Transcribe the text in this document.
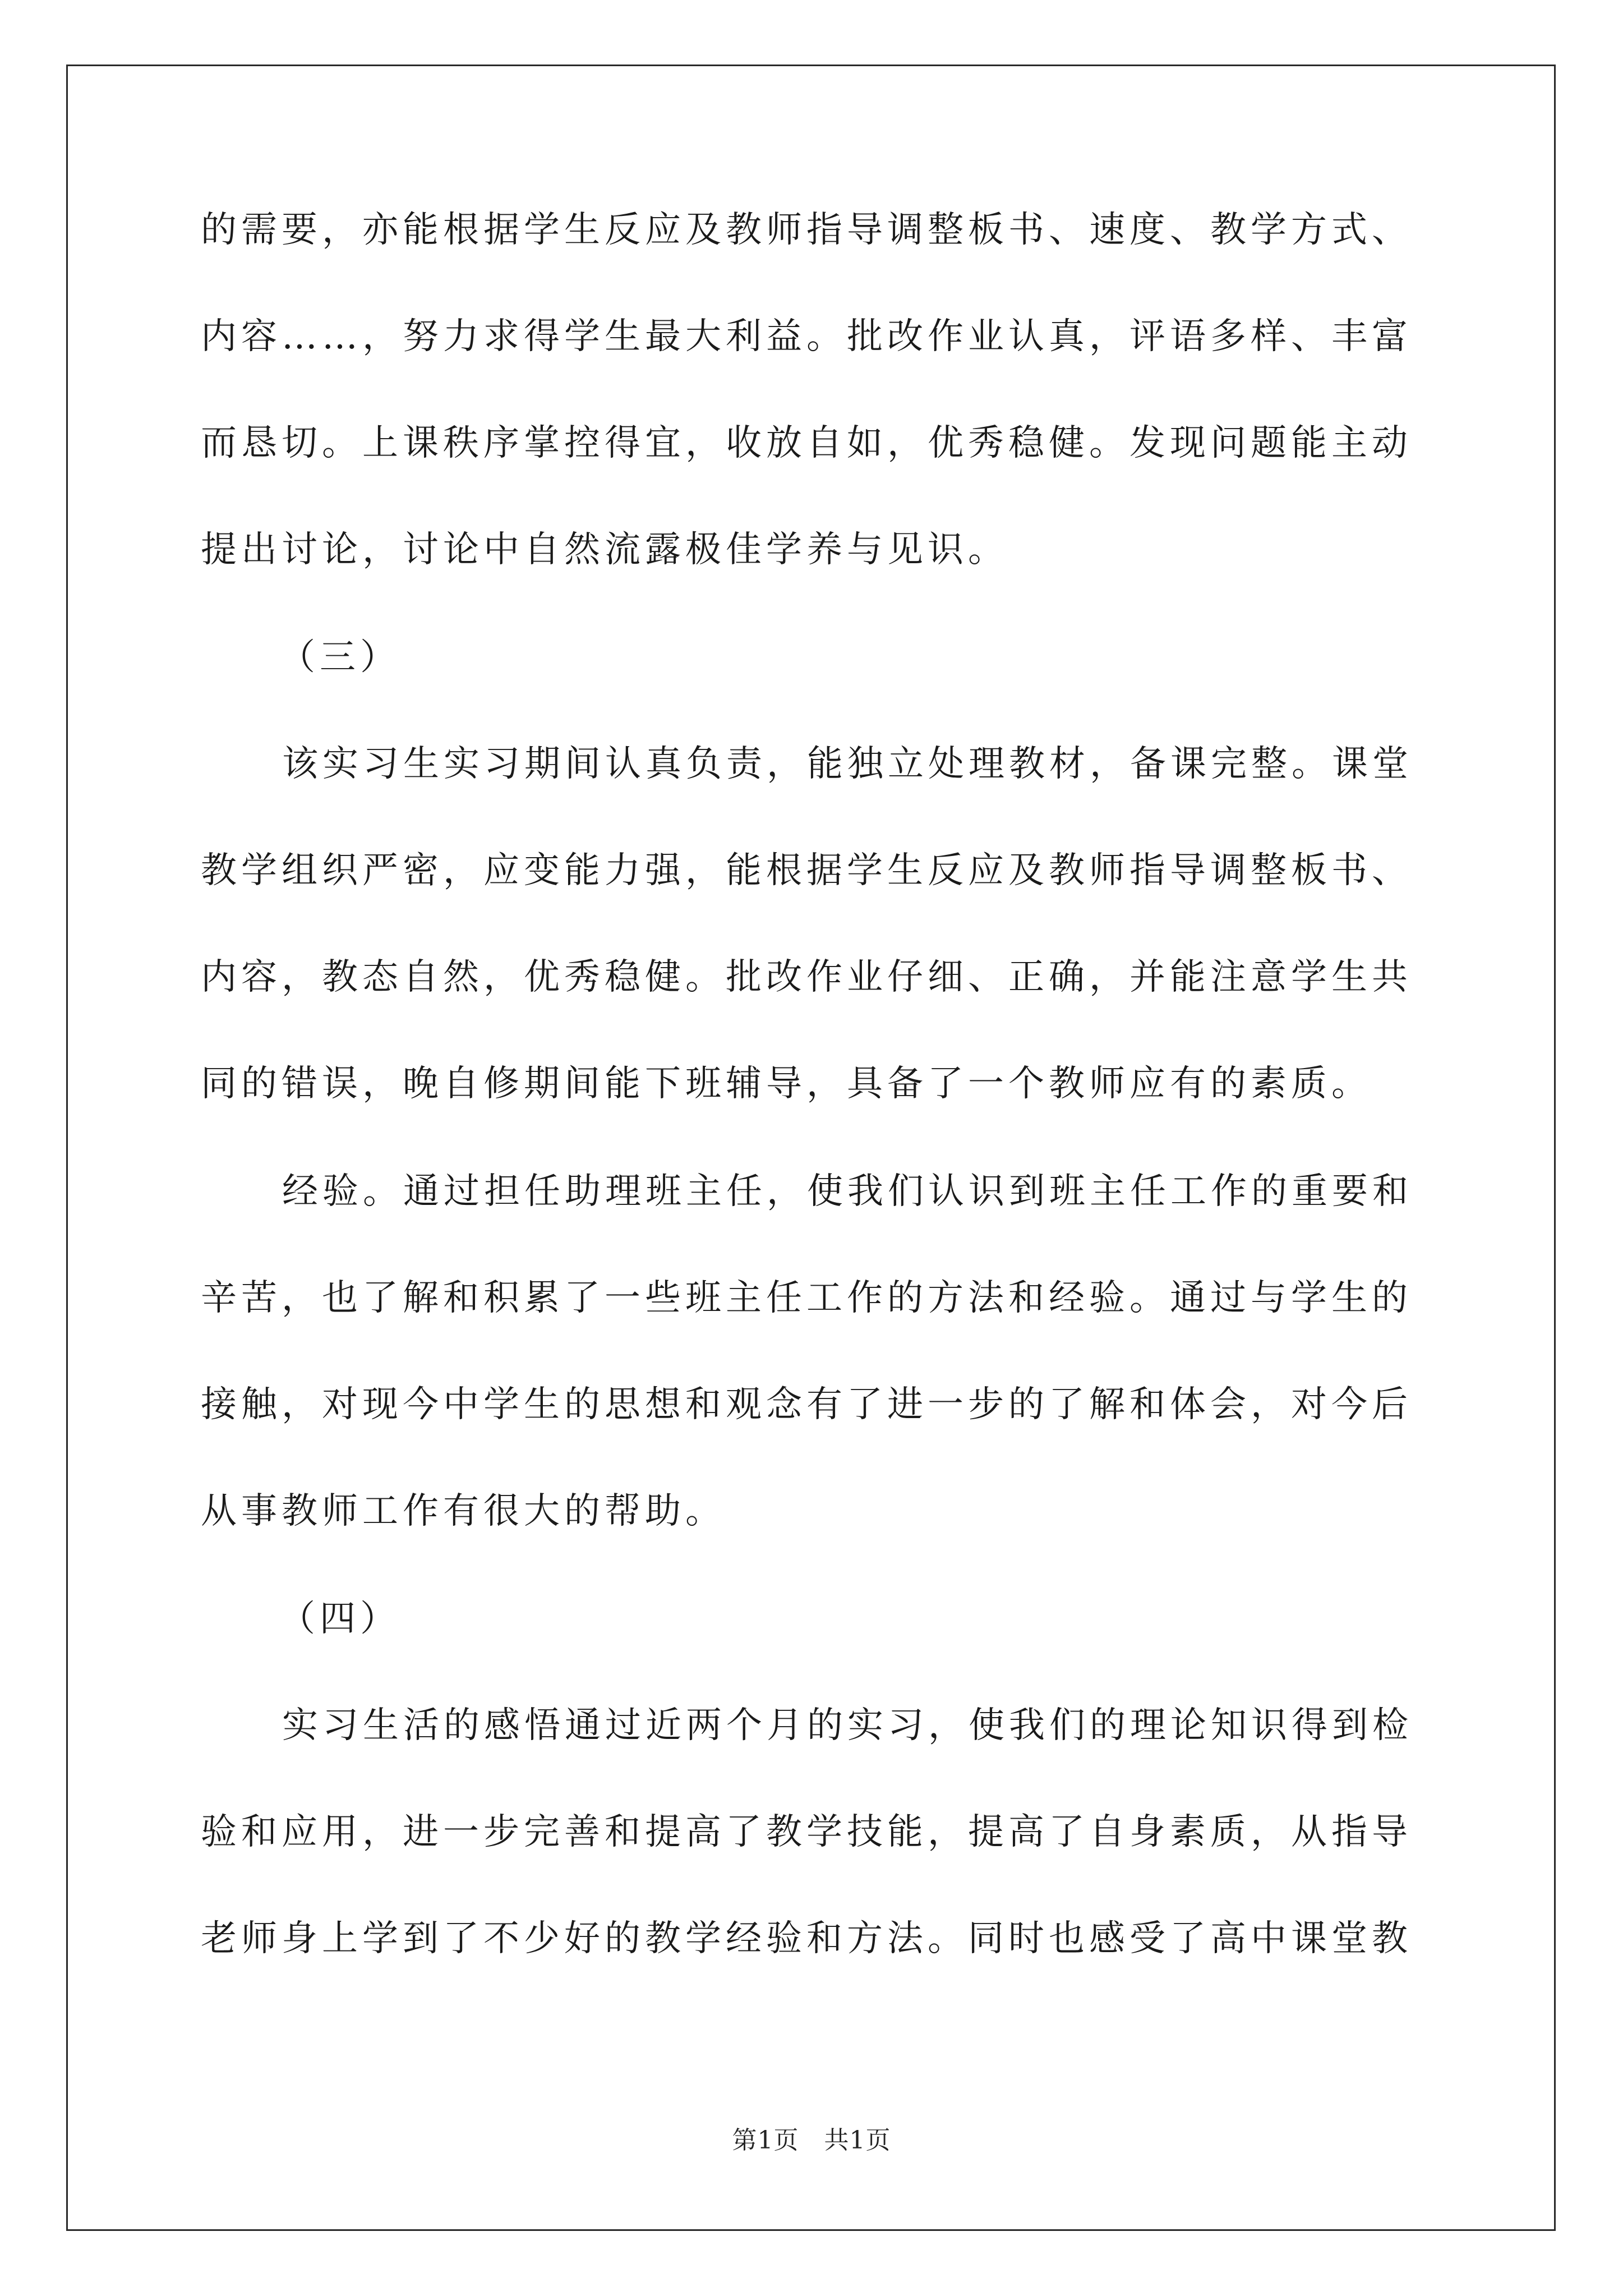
的需要，亦能根据学生反应及教师指导调整板书、速度、教学方式、
内容……，努力求得学生最大利益。批改作业认真，评语多样、丰富
而恳切。上课秩序掌控得宜，收放自如，优秀稳健。发现问题能主动
提出讨论，讨论中自然流露极佳学养与见识。
（三）
该实习生实习期间认真负责，能独立处理教材，备课完整。课堂
教学组织严密，应变能力强，能根据学生反应及教师指导调整板书、
内容，教态自然，优秀稳健。批改作业仔细、正确，并能注意学生共
同的错误，晚自修期间能下班辅导，具备了一个教师应有的素质。
经验。通过担任助理班主任，使我们认识到班主任工作的重要和
辛苦，也了解和积累了一些班主任工作的方法和经验。通过与学生的
接触，对现今中学生的思想和观念有了进一步的了解和体会，对今后
从事教师工作有很大的帮助。
（四）
实习生活的感悟通过近两个月的实习，使我们的理论知识得到检
验和应用，进一步完善和提高了教学技能，提高了自身素质，从指导
老师身上学到了不少好的教学经验和方法。同时也感受了高中课堂教
第1页　共1页
